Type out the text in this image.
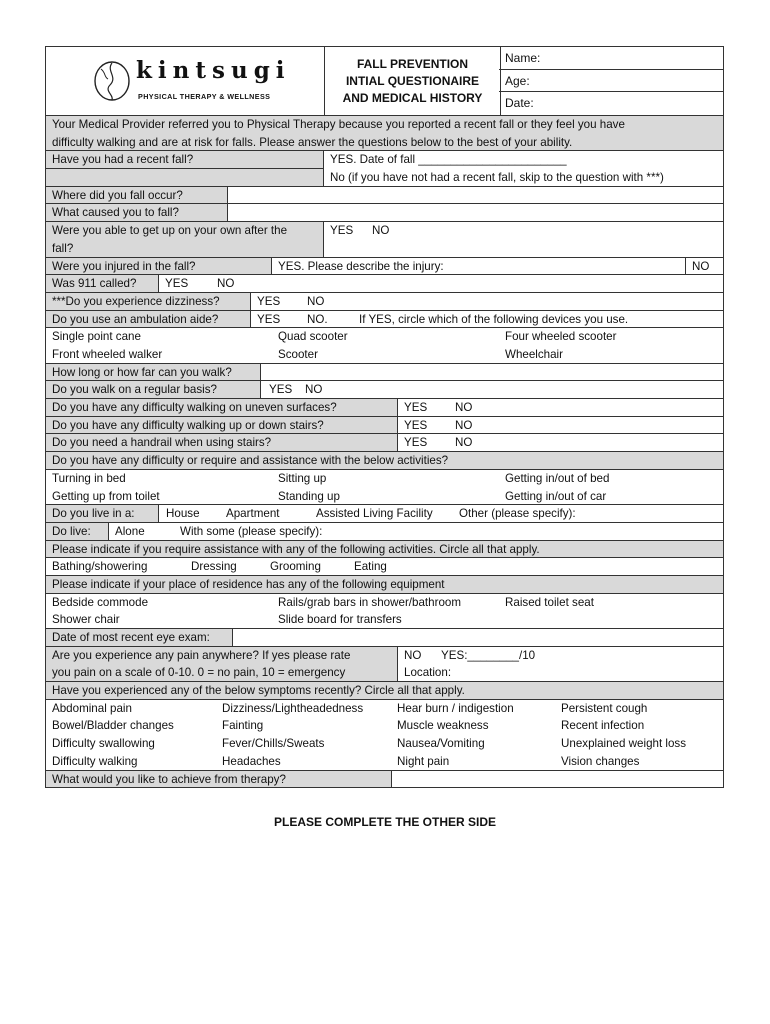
kintsugi
PHYSICAL THERAPY & WELLNESS
FALL PREVENTION
INTIAL QUESTIONAIRE
AND MEDICAL HISTORY
Name:
Age:
Date:
Your Medical Provider referred you to Physical Therapy because you reported a recent fall or they feel you have
difficulty walking and are at risk for falls. Please answer the questions below to the best of your ability.
Have you had a recent fall?	YES. Date of fall _______________________
No (if you have not had a recent fall, skip to the question with ***)
Where did you fall occur?
What caused you to fall?
Were you able to get up on your own after the
fall?
YES NO
Were you injured in the fall?	YES. Please describe the injury:	NO
Was 911 called?	YES NO
***Do you experience dizziness?	YES NO
Do you use an ambulation aide?	YES NO.	If YES, circle which of the following devices you use.
Single point cane	Quad scooter	Four wheeled scooter
Front wheeled walker	Scooter	Wheelchair
How long or how far can you walk?
Do you walk on a regular basis?	YES NO
Do you have any difficulty walking on uneven surfaces?	YES NO
Do you have any difficulty walking up or down stairs?	YES NO
Do you need a handrail when using stairs?	YES NO
Do you have any difficulty or require and assistance with the below activities?
Turning in bed	Sitting up	Getting in/out of bed
Getting up from toilet	Standing up	Getting in/out of car
Do you live in a:	House Apartment	Assisted Living Facility Other (please specify):
Do live:	Alone	With some (please specify):
Please indicate if you require assistance with any of the following activities. Circle all that apply.
Bathing/showering	Dressing	Grooming	Eating
Please indicate if your place of residence has any of the following equipment
Bedside commode	Rails/grab bars in shower/bathroom	Raised toilet seat
Shower chair	Slide board for transfers
Date of most recent eye exam:
Are you experience any pain anywhere? If yes please rate
you pain on a scale of 0-10. 0 = no pain, 10 = emergency
NO YES:________/10
Location:
Have you experienced any of the below symptoms recently? Circle all that apply.
Abdominal pain	Dizziness/Lightheadedness	Hear burn / indigestion	Persistent cough
Bowel/Bladder changes	Fainting	Muscle weakness	Recent infection
Difficulty swallowing	Fever/Chills/Sweats	Nausea/Vomiting	Unexplained weight loss
Difficulty walking	Headaches	Night pain	Vision changes
What would you like to achieve from therapy?
PLEASE COMPLETE THE OTHER SIDE
